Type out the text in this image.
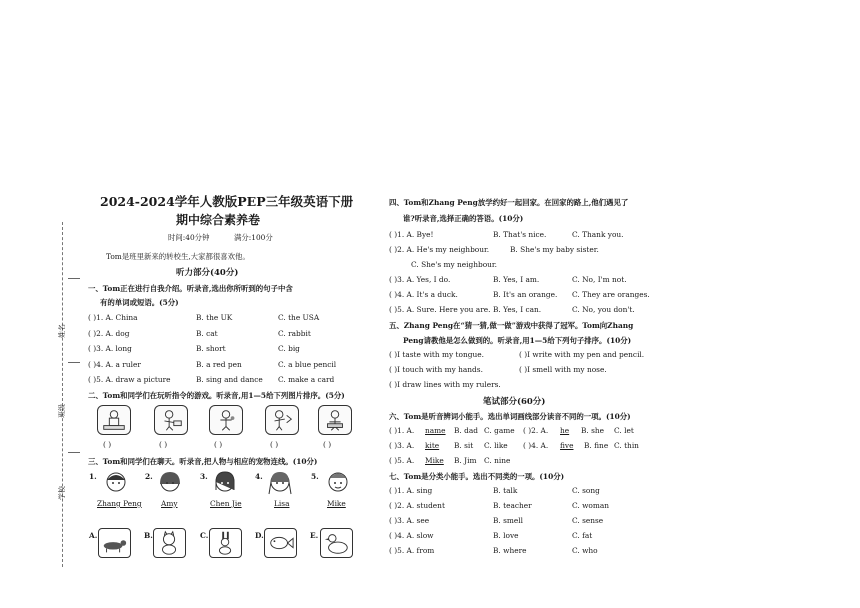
姓名
班级
学校
2024-2024学年人教版PEP三年级英语下册
期中综合素养卷
时间:40分钟	满分:100分
Tom是班里新来的转校生,大家都很喜欢他。
听力部分(40分)
一、Tom正在进行自我介绍。听录音,选出你所听到的句子中含
有的单词或短语。(5分)
( )1. A. China	B. the UK	C. the USA
( )2. A. dog	B. cat	C. rabbit
( )3. A. long	B. short	C. big
( )4. A. a ruler	B. a red pen	C. a blue pencil
( )5. A. draw a picture	B. sing and dance C. make a card
二、Tom和同学们在玩听指令的游戏。听录音,用1—5给下列图片排序。(5分)
( )	( )	( )	( )	( )
三、Tom和同学们在聊天。听录音,把人物与相应的宠物连线。(10分)
1.
Zhang Peng
2.
Amy
3.
Chen Jie
4.
Lisa
5.
Mike
A.	B.	C.	D.	E.
四、Tom和Zhang Peng放学约好一起回家。在回家的路上,他们遇见了
谁?听录音,选择正确的答语。(10分)
( )1. A. Bye!	B. That's nice.	C. Thank you.
( )2. A. He's my neighbour.	B. She's my baby sister.
C. She's my neighbour.
( )3. A. Yes, I do.	B. Yes, I am.	C. No, I'm not.
( )4. A. It's a duck.	B. It's an orange. C. They are oranges.
( )5. A. Sure. Here you are. B. Yes, I can.	C. No, you don't.
五、Zhang Peng在“猜一猜,做一做”游戏中获得了冠军。Tom向Zhang
Peng请教他是怎么做到的。听录音,用1—5给下列句子排序。(10分)
( )I taste with my tongue.	( )I write with my pen and pencil.
( )I touch with my hands.	( )I smell with my nose.
( )I draw lines with my rulers.
笔试部分(60分)
六、Tom是听音辨词小能手。选出单词画线部分读音不同的一项。(10分)
( )1. A. name B. dad C. game ( )2. A. he B. she C. let
( )3. A. kite B. sit C. like ( )4. A. five B. fine C. thin
( )5. A. Mike B. Jim C. nine
七、Tom是分类小能手。选出不同类的一项。(10分)
( )1. A. sing	B. talk	C. song
( )2. A. student	B. teacher	C. woman
( )3. A. see	B. smell	C. sense
( )4. A. slow	B. love	C. fat
( )5. A. from	B. where	C. who
